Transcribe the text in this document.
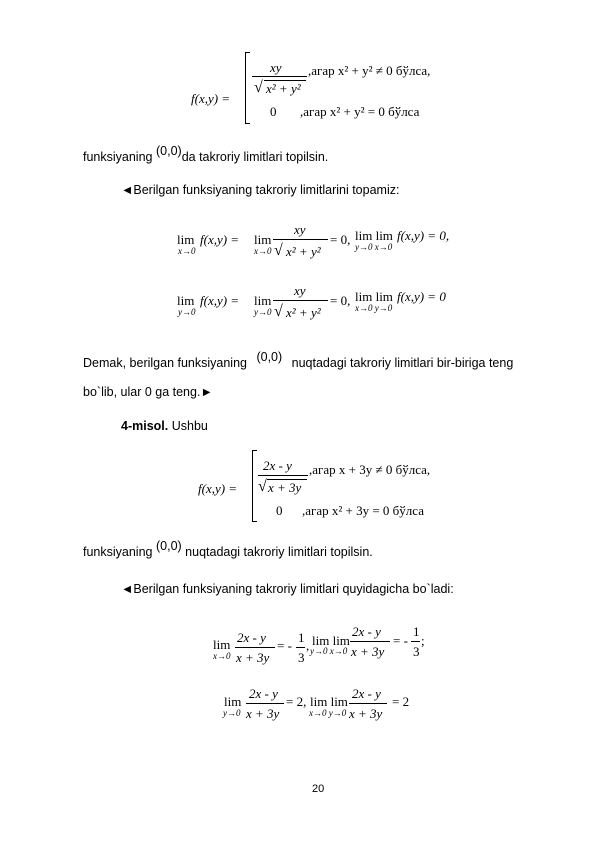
f(x,y) =
xy
√ x² + y²
,агар x² + y² ≠ 0 бўлса,
0 ,агар x² + y² = 0 бўлса
funksiyaning (0,0)da takroriy limitlari topilsin.
◄Berilgan funksiyaning takroriy limitlarini topamiz:
lim
x→0
f(x,y) = lim
x→0
xy
√ x² + y²
= 0, lim lim
y→0 x→0
f(x,y) = 0,
lim
y→0
f(x,y) = lim
y→0
xy
√ x² + y²
= 0, lim lim
x→0 y→0
f(x,y) = 0
Demak, berilgan funksiyaning (0,0) nuqtadagi takroriy limitlari bir-biriga teng
bo`lib, ular 0 ga teng.►
4-misol. Ushbu
f(x,y) =
2x - y
√ x + 3y
,агар x + 3y ≠ 0 бўлса,
0 ,агар x² + 3y = 0 бўлса
funksiyaning (0,0) nuqtadagi takroriy limitlari topilsin.
◄Berilgan funksiyaning takroriy limitlari quyidagicha bo`ladi:
lim
x→0
2x - y
x + 3y
= -
1
3
, lim lim
y→0 x→0
2x - y
x + 3y
= -
1
3
;
lim
y→0
2x - y
x + 3y
= 2, lim lim
x→0 y→0
2x - y
x + 3y
= 2
20
